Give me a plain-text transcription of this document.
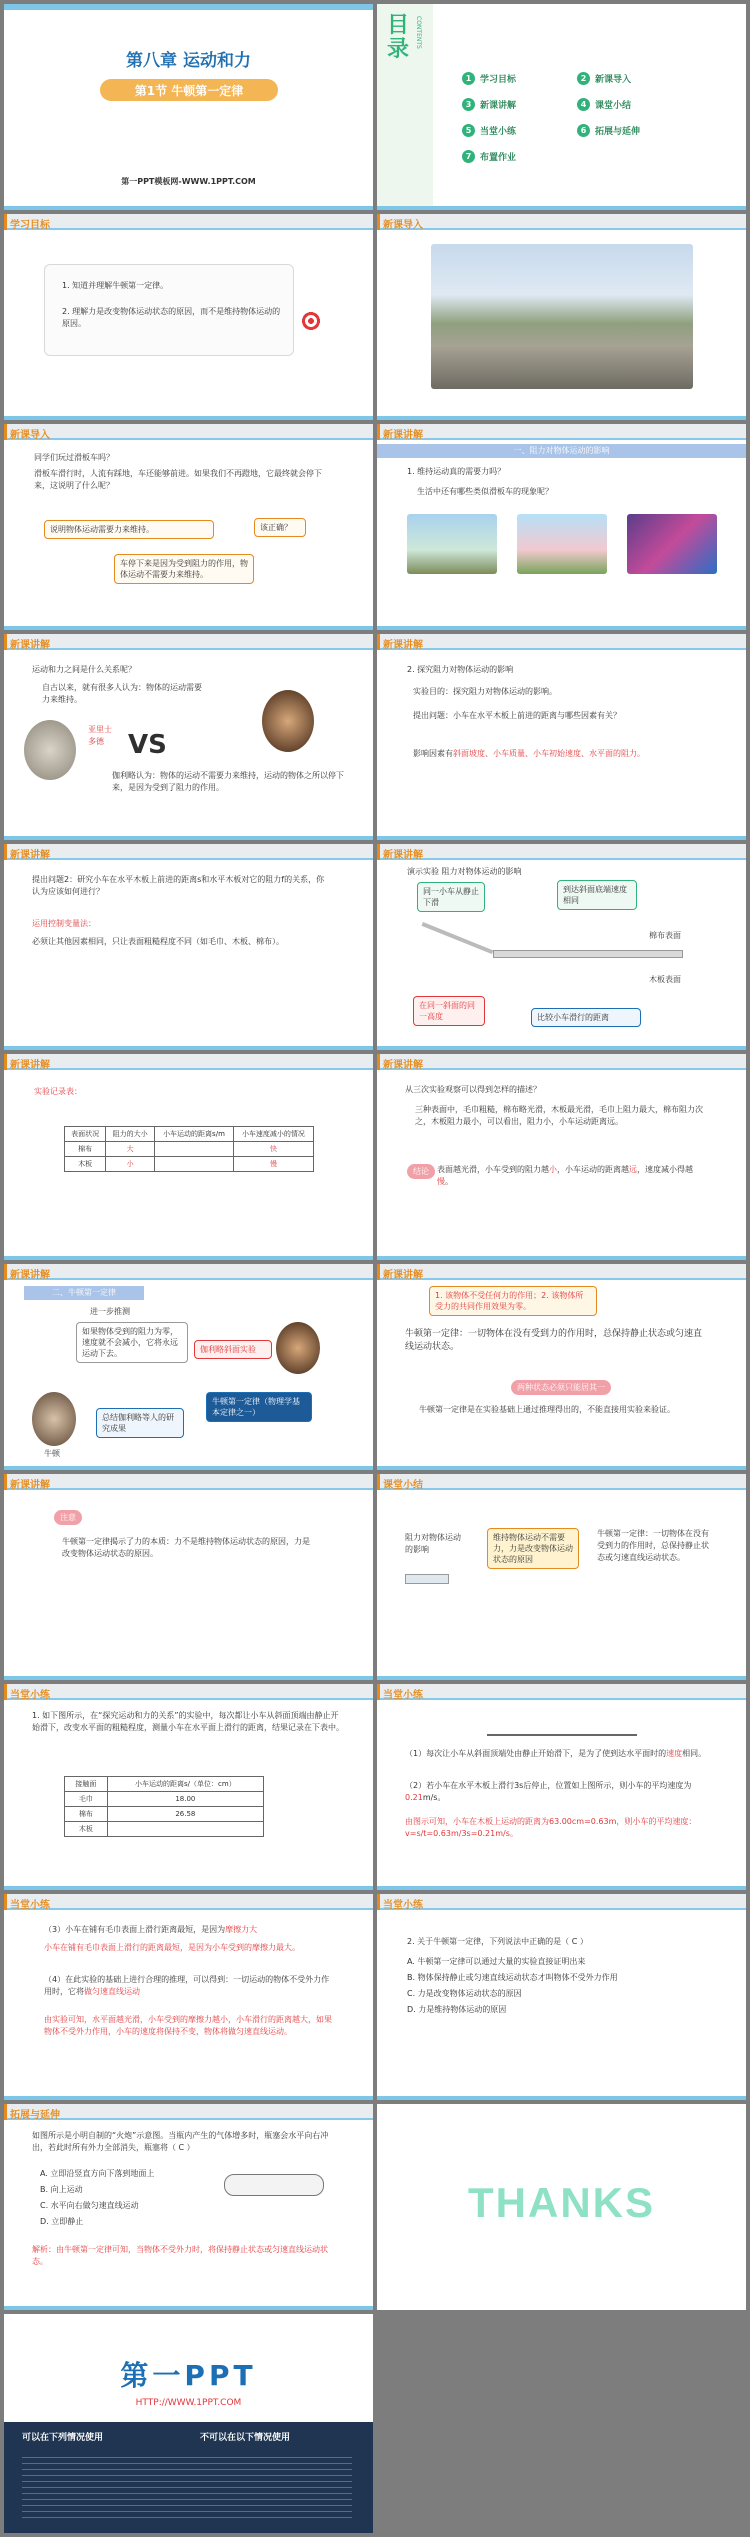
第八章 运动和力
第1节 牛顿第一定律
第一PPT模板网-WWW.1PPT.COM
目录
CONTENTS
1 学习目标	2 新课导入
3 新课讲解	4 课堂小结
5 当堂小练	6 拓展与延伸
7 布置作业
学习目标
1. 知道并理解牛顿第一定律。
2. 理解力是改变物体运动状态的原因，而不是维持物体运动的原因。
新课导入
新课导入
同学们玩过滑板车吗？
滑板车滑行时，人流有踩地，车还能够前进。如果我们不再蹬地，它最终就会停下来，这说明了什么呢？
说明物体运动需要力来维持。	该正确？
车停下来是因为受到阻力的作用，物体运动不需要力来维持。
新课讲解
一、阻力对物体运动的影响
1. 维持运动真的需要力吗？
生活中还有哪些类似滑板车的现象呢？
新课讲解
运动和力之间是什么关系呢？
自古以来，就有很多人认为：物体的运动需要力来维持。
亚里士多德 VS
伽利略认为：物体的运动不需要力来维持，运动的物体之所以停下来，是因为受到了阻力的作用。
新课讲解
2. 探究阻力对物体运动的影响
实验目的：探究阻力对物体运动的影响。
提出问题：小车在水平木板上前进的距离与哪些因素有关？
影响因素有斜面坡度、小车质量、小车初始速度、水平面的阻力。
新课讲解
提出问题2：研究小车在水平木板上前进的距离s和水平木板对它的阻力f的关系，你认为应该如何进行？
运用控制变量法：
必须让其他因素相同，只让表面粗糙程度不同（如毛巾、木板、棉布）。
新课讲解
演示实验 阻力对物体运动的影响
同一小车从静止下滑
到达斜面底端速度相同
棉布表面
木板表面
在同一斜面的同一高度	比较小车滑行的距离
新课讲解
实验记录表：
表面状况	阻力的大小	小车运动的距离s/m	小车速度减小的情况
棉布	大		快
木板	小		慢
新课讲解
从三次实验观察可以得到怎样的描述？
三种表面中，毛巾粗糙，棉布略光滑，木板最光滑，毛巾上阻力最大，棉布阻力次之，木板阻力最小，可以看出，阻力小，小车运动距离远。
结论	表面越光滑，小车受到的阻力越小，小车运动的距离越远，速度减小得越慢。
新课讲解
二、牛顿第一定律
进一步推测
如果物体受到的阻力为零，速度就不会减小，它将永远运动下去。	伽利略斜面实验
牛顿
总结伽利略等人的研究成果
牛顿第一定律（物理学基本定律之一）
新课讲解
1. 该物体不受任何力的作用；2. 该物体所受力的共同作用效果为零。
牛顿第一定律：一切物体在没有受到力的作用时，总保持静止状态或匀速直线运动状态。
两种状态必须只能居其一
牛顿第一定律是在实验基础上通过推理得出的，不能直接用实验来验证。
新课讲解
注意
牛顿第一定律揭示了力的本质：力不是维持物体运动状态的原因，力是改变物体运动状态的原因。
课堂小结
阻力对物体运动的影响
维持物体运动不需要力，力是改变物体运动状态的原因
牛顿第一定律：一切物体在没有受到力的作用时，总保持静止状态或匀速直线运动状态。
当堂小练
1. 如下图所示，在“探究运动和力的关系”的实验中，每次都让小车从斜面顶端由静止开始滑下，改变水平面的粗糙程度，测量小车在水平面上滑行的距离，结果记录在下表中。
接触面	小车运动的距离s/（单位：cm）
毛巾	18.00
棉布	26.58
木板	
当堂小练
（1）每次让小车从斜面顶端处由静止开始滑下，是为了使到达水平面时的速度相同。
（2）若小车在水平木板上滑行3s后停止，位置如上图所示，则小车的平均速度为0.21m/s。
由图示可知，小车在木板上运动的距离为63.00cm=0.63m，则小车的平均速度：v=s/t=0.63m/3s=0.21m/s。
当堂小练
（3）小车在铺有毛巾表面上滑行距离最短，是因为摩擦力大
小车在铺有毛巾表面上滑行的距离最短，是因为小车受到的摩擦力最大。
（4）在此实验的基础上进行合理的推理，可以得到：一切运动的物体不受外力作用时，它将做匀速直线运动
由实验可知，水平面越光滑，小车受到的摩擦力越小，小车滑行的距离越大，如果物体不受外力作用，小车的速度将保持不变，物体将做匀速直线运动。
当堂小练
2. 关于牛顿第一定律，下列说法中正确的是（ C ）
A. 牛顿第一定律可以通过大量的实验直接证明出来
B. 物体保持静止或匀速直线运动状态才叫物体不受外力作用
C. 力是改变物体运动状态的原因
D. 力是维持物体运动的原因
拓展与延伸
如图所示是小明自制的“火炮”示意图。当瓶内产生的气体增多时，瓶塞会水平向右冲出，若此时所有外力全部消失，瓶塞将（ C ）
A. 立即沿竖直方向下落到地面上
B. 向上运动
C. 水平向右做匀速直线运动
D. 立即静止
解析：由牛顿第一定律可知，当物体不受外力时，将保持静止状态或匀速直线运动状态。
THANKS
第一PPT
HTTP://WWW.1PPT.COM
可以在下列情况使用	不可以在以下情况使用
